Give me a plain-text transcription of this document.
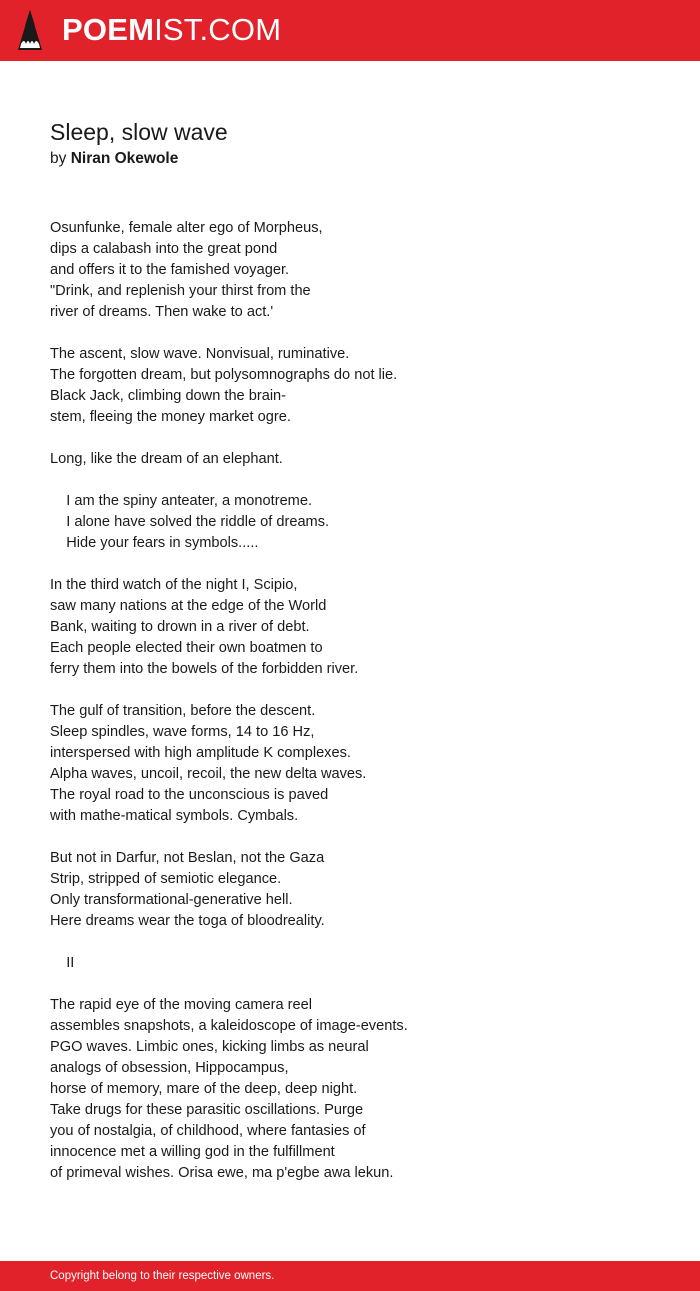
POEMIST.COM
Sleep, slow wave
by Niran Okewole
Osunfunke, female alter ego of Morpheus,
dips a calabash into the great pond
and offers it to the famished voyager.
"Drink, and replenish your thirst from the
river of dreams. Then wake to act.'
The ascent, slow wave. Nonvisual, ruminative.
The forgotten dream, but polysomnographs do not lie.
Black Jack, climbing down the brain-
stem, fleeing the money market ogre.
Long, like the dream of an elephant.
I am the spiny anteater, a monotreme.
I alone have solved the riddle of dreams.
Hide your fears in symbols.....
In the third watch of the night I, Scipio,
saw many nations at the edge of the World
Bank, waiting to drown in a river of debt.
Each people elected their own boatmen to
ferry them into the bowels of the forbidden river.
The gulf of transition, before the descent.
Sleep spindles, wave forms, 14 to 16 Hz,
interspersed with high amplitude K complexes.
Alpha waves, uncoil, recoil, the new delta waves.
The royal road to the unconscious is paved
with mathe-matical symbols. Cymbals.
But not in Darfur, not Beslan, not the Gaza
Strip, stripped of semiotic elegance.
Only transformational-generative hell.
Here dreams wear the toga of bloodreality.
II
The rapid eye of the moving camera reel
assembles snapshots, a kaleidoscope of image-events.
PGO waves. Limbic ones, kicking limbs as neural
analogs of obsession, Hippocampus,
horse of memory, mare of the deep, deep night.
Take drugs for these parasitic oscillations. Purge
you of nostalgia, of childhood, where fantasies of
innocence met a willing god in the fulfillment
of primeval wishes. Orisa ewe, ma p'egbe awa lekun.
Copyright belong to their respective owners.
